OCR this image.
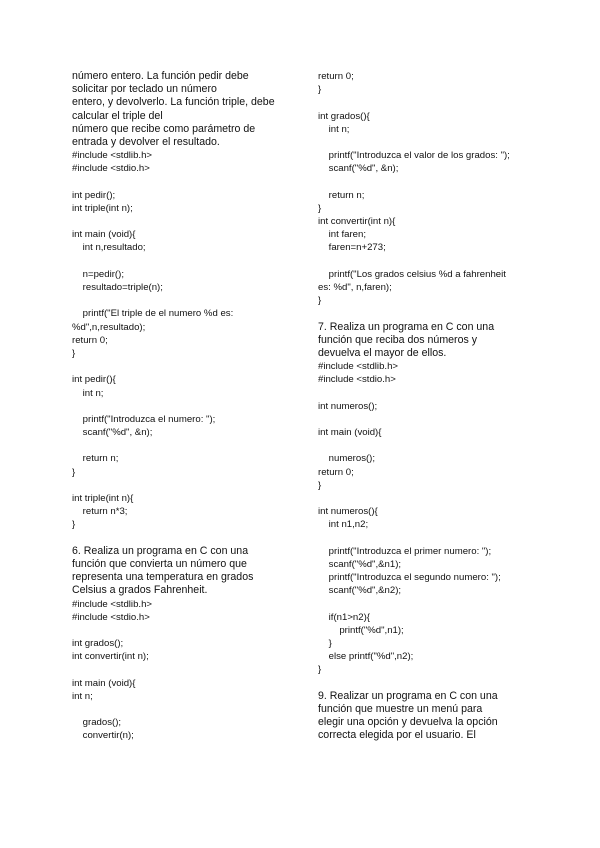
número entero. La función pedir debe
solicitar por teclado un número
entero, y devolverlo. La función triple, debe
calcular el triple del
número que recibe como parámetro de
entrada y devolver el resultado.
#include <stdlib.h>
#include <stdio.h>
int pedir();
int triple(int n);
int main (void){
int n,resultado;
n=pedir();
resultado=triple(n);
printf("El triple de el numero %d es:
%d",n,resultado);
return 0;
}
int pedir(){
int n;
printf("Introduzca el numero: ");
scanf("%d", &n);
return n;
}
int triple(int n){
return n*3;
}
6. Realiza un programa en C con una
función que convierta un número que
representa una temperatura en grados
Celsius a grados Fahrenheit.
#include <stdlib.h>
#include <stdio.h>
int grados();
int convertir(int n);
int main (void){
int n;
grados();
convertir(n);
return 0;
}
int grados(){
int n;
printf("Introduzca el valor de los grados: ");
scanf("%d", &n);
return n;
}
int convertir(int n){
int faren;
faren=n+273;
printf("Los grados celsius %d a fahrenheit
es: %d", n,faren);
}
7. Realiza un programa en C con una
función que reciba dos números y
devuelva el mayor de ellos.
#include <stdlib.h>
#include <stdio.h>
int numeros();
int main (void){
numeros();
return 0;
}
int numeros(){
int n1,n2;
printf("Introduzca el primer numero: ");
scanf("%d",&n1);
printf("Introduzca el segundo numero: ");
scanf("%d",&n2);
if(n1>n2){
printf("%d",n1);
}
else printf("%d",n2);
}
9. Realizar un programa en C con una
función que muestre un menú para
elegir una opción y devuelva la opción
correcta elegida por el usuario. El
